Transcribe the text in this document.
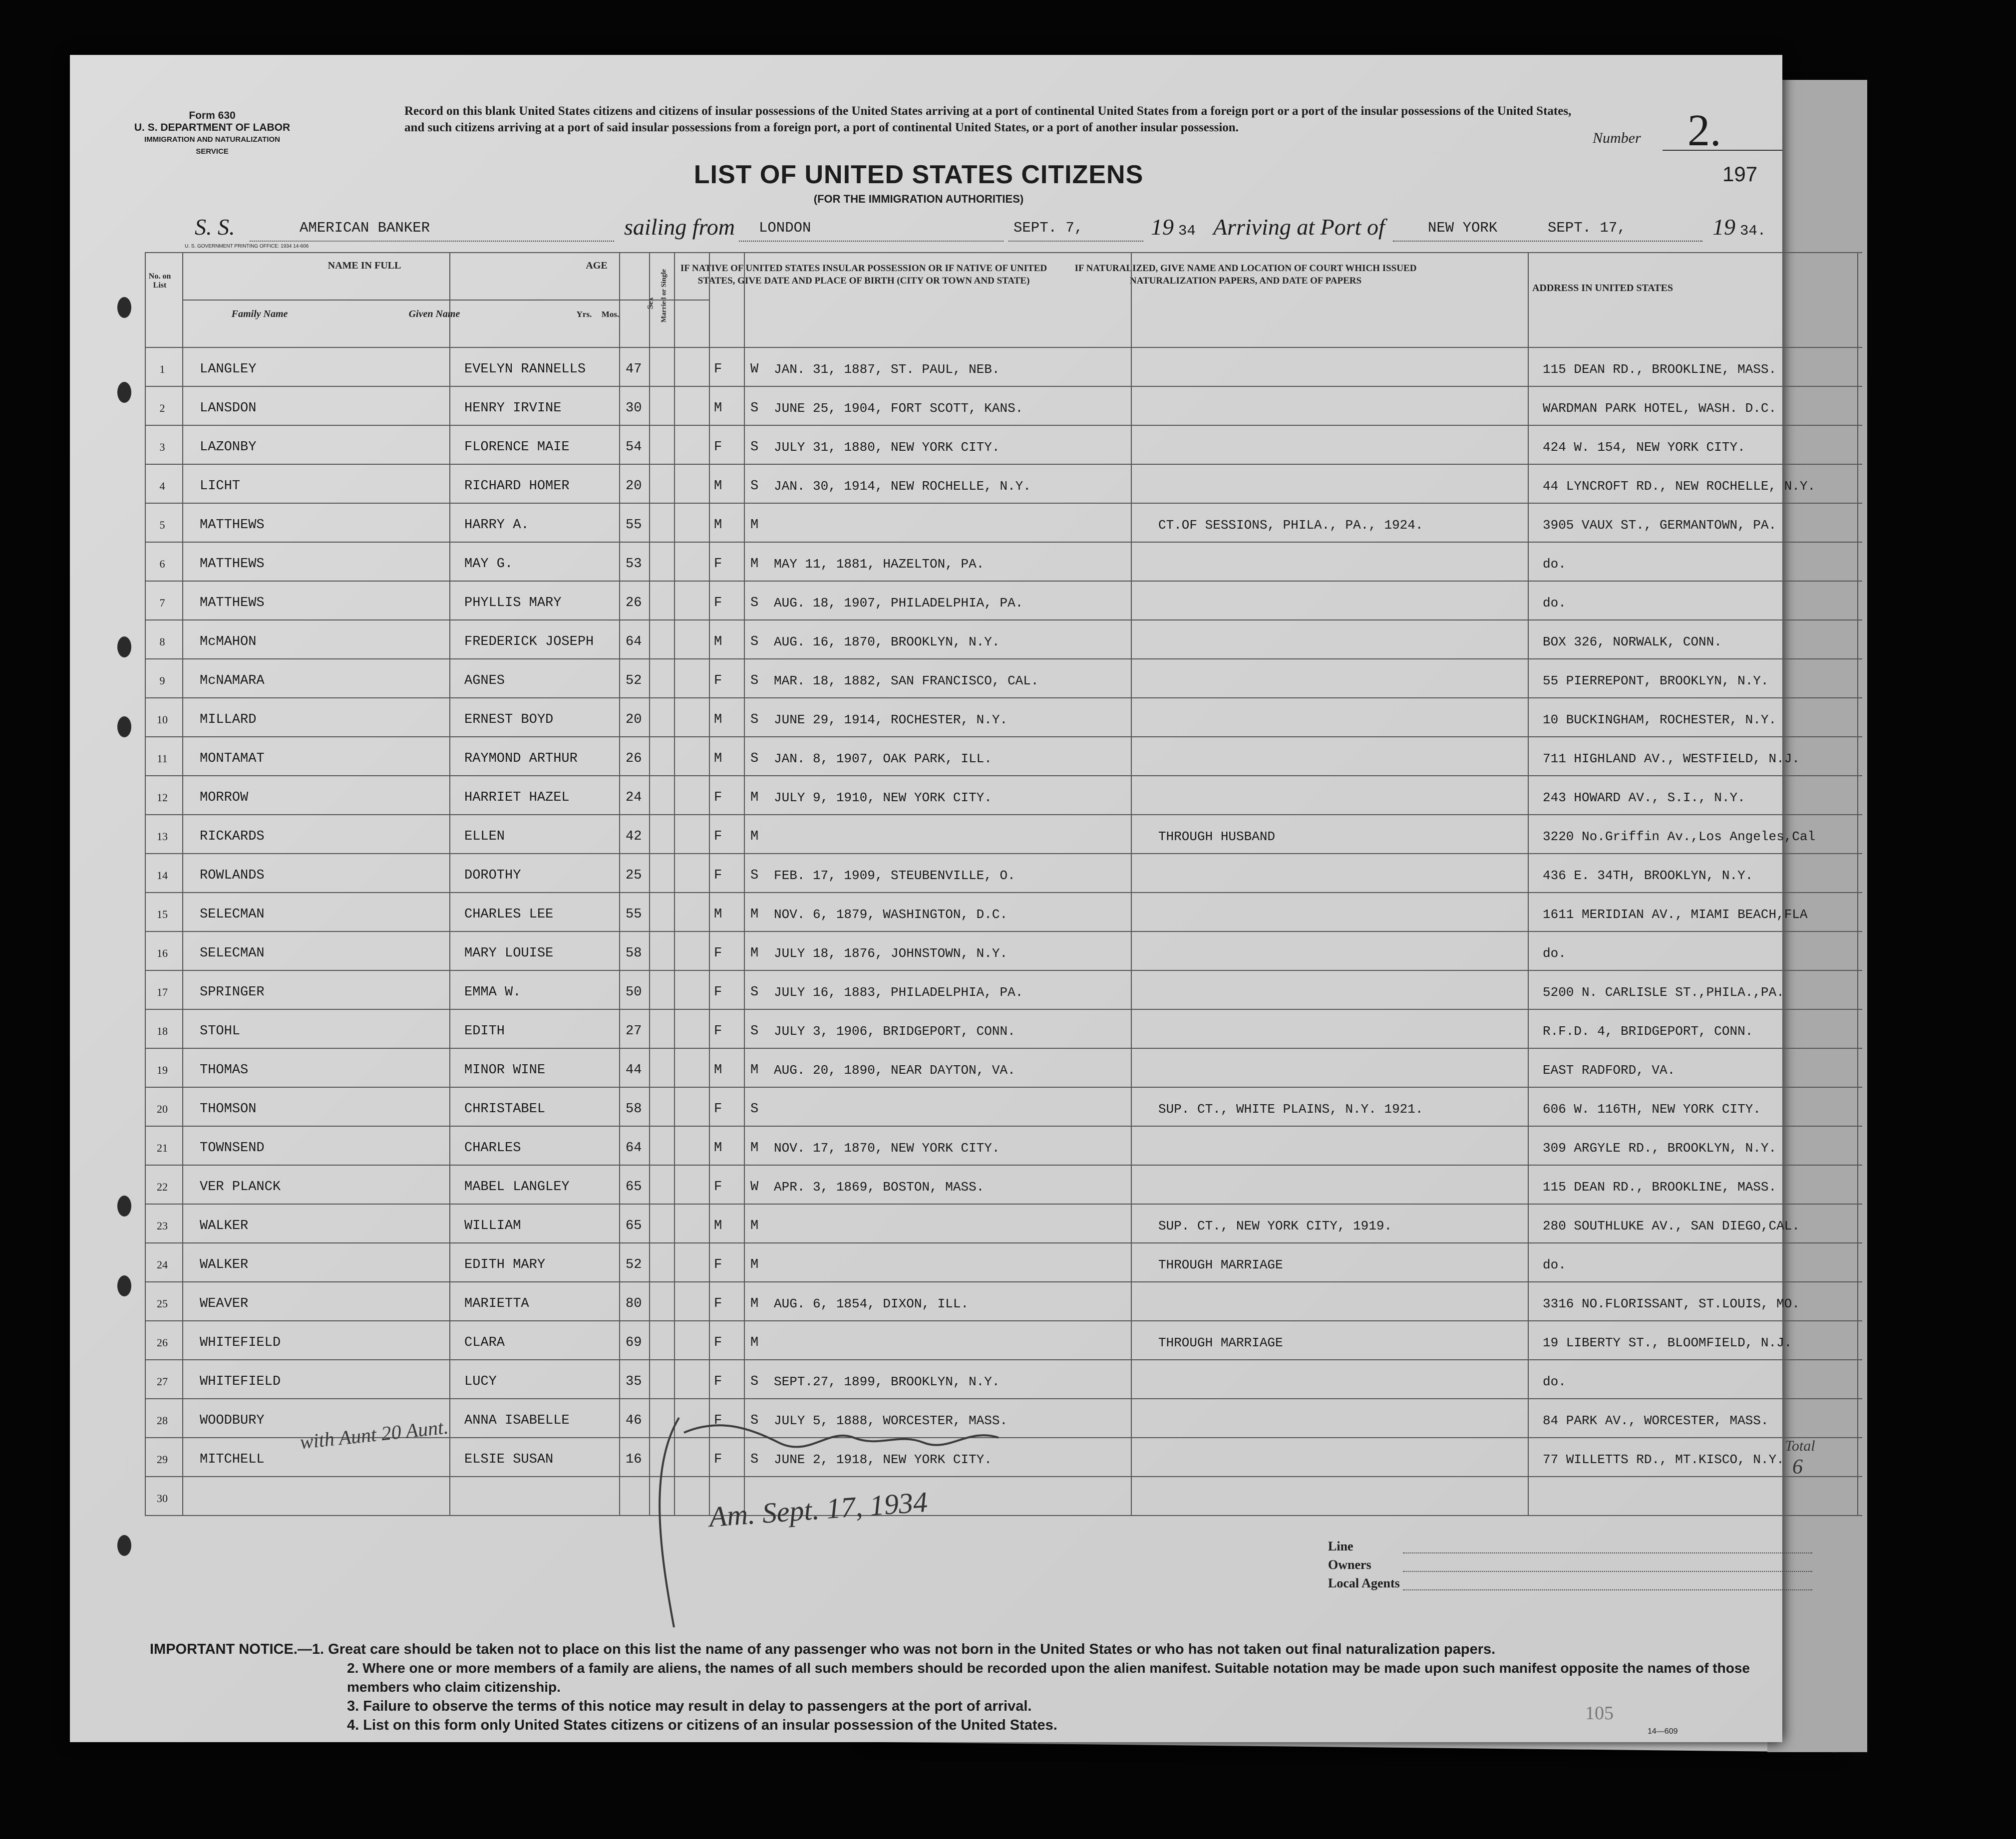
Form 630
U. S. DEPARTMENT OF LABOR
IMMIGRATION AND NATURALIZATION SERVICE
Record on this blank United States citizens and citizens of insular possessions of the United States arriving at a port of continental United States from a foreign port or a port of the insular possessions of the United States, and such citizens arriving at a port of said insular possessions from a foreign port, a port of continental United States, or a port of another insular possession.
Number 2.
197
LIST OF UNITED STATES CITIZENS
(FOR THE IMMIGRATION AUTHORITIES)
S. S.	AMERICAN BANKER	sailing from LONDON	SEPT. 7,	19 34 Arriving at Port of	NEW YORK	SEPT. 17,	19 34.
U. S. GOVERNMENT PRINTING OFFICE: 1934 14-606
No. on List
NAME IN FULL
Family Name	Given Name
AGE
Yrs.	Mos.
Sex Married or Single
IF NATIVE OF UNITED STATES INSULAR POSSESSION OR IF NATIVE OF UNITED STATES, GIVE DATE AND PLACE OF BIRTH (CITY OR TOWN AND STATE)
IF NATURALIZED, GIVE NAME AND LOCATION OF COURT WHICH ISSUED NATURALIZATION PAPERS, AND DATE OF PAPERS
ADDRESS IN UNITED STATES
1	LANGLEY	EVELYN RANNELLS	47	F W JAN. 31, 1887, ST. PAUL, NEB.	115 DEAN RD., BROOKLINE, MASS.
2	LANSDON	HENRY IRVINE	30	M S JUNE 25, 1904, FORT SCOTT, KANS.	WARDMAN PARK HOTEL, WASH. D.C.
3	LAZONBY	FLORENCE MAIE	54	F S JULY 31, 1880, NEW YORK CITY.	424 W. 154, NEW YORK CITY.
4	LICHT	RICHARD HOMER	20	M S JAN. 30, 1914, NEW ROCHELLE, N.Y.	44 LYNCROFT RD., NEW ROCHELLE, N.Y.
5	MATTHEWS	HARRY A.	55	M M	CT.OF SESSIONS, PHILA., PA., 1924.	3905 VAUX ST., GERMANTOWN, PA.
6	MATTHEWS	MAY G.	53	F M MAY 11, 1881, HAZELTON, PA.	do.
7	MATTHEWS	PHYLLIS MARY	26	F S AUG. 18, 1907, PHILADELPHIA, PA.	do.
8	McMAHON	FREDERICK JOSEPH 64	M S AUG. 16, 1870, BROOKLYN, N.Y.	BOX 326, NORWALK, CONN.
9	McNAMARA	AGNES	52	F S MAR. 18, 1882, SAN FRANCISCO, CAL.	55 PIERREPONT, BROOKLYN, N.Y.
10	MILLARD	ERNEST BOYD	20	M S JUNE 29, 1914, ROCHESTER, N.Y.	10 BUCKINGHAM, ROCHESTER, N.Y.
11	MONTAMAT	RAYMOND ARTHUR	26	M S JAN. 8, 1907, OAK PARK, ILL.	711 HIGHLAND AV., WESTFIELD, N.J.
12	MORROW	HARRIET HAZEL	24	F M JULY 9, 1910, NEW YORK CITY.	243 HOWARD AV., S.I., N.Y.
13	RICKARDS	ELLEN	42	F M	THROUGH HUSBAND	3220 No.Griffin Av.,Los Angeles,Cal
14	ROWLANDS	DOROTHY	25	F S FEB. 17, 1909, STEUBENVILLE, O.	436 E. 34TH, BROOKLYN, N.Y.
15	SELECMAN	CHARLES LEE	55	M M NOV. 6, 1879, WASHINGTON, D.C.	1611 MERIDIAN AV., MIAMI BEACH,FLA
16	SELECMAN	MARY LOUISE	58	F M JULY 18, 1876, JOHNSTOWN, N.Y.	do.
17	SPRINGER	EMMA W.	50	F S JULY 16, 1883, PHILADELPHIA, PA.	5200 N. CARLISLE ST.,PHILA.,PA.
18	STOHL	EDITH	27	F S JULY 3, 1906, BRIDGEPORT, CONN.	R.F.D. 4, BRIDGEPORT, CONN.
19	THOMAS	MINOR WINE	44	M M AUG. 20, 1890, NEAR DAYTON, VA.	EAST RADFORD, VA.
20	THOMSON	CHRISTABEL	58	F S	SUP. CT., WHITE PLAINS, N.Y. 1921.	606 W. 116TH, NEW YORK CITY.
21	TOWNSEND	CHARLES	64	M M NOV. 17, 1870, NEW YORK CITY.	309 ARGYLE RD., BROOKLYN, N.Y.
22	VER PLANCK	MABEL LANGLEY	65	F W APR. 3, 1869, BOSTON, MASS.	115 DEAN RD., BROOKLINE, MASS.
23	WALKER	WILLIAM	65	M M	SUP. CT., NEW YORK CITY, 1919.	280 SOUTHLUKE AV., SAN DIEGO,CAL.
24	WALKER	EDITH MARY	52	F M	THROUGH MARRIAGE	do.
25	WEAVER	MARIETTA	80	F M AUG. 6, 1854, DIXON, ILL.	3316 NO.FLORISSANT, ST.LOUIS, MO.
26	WHITEFIELD	CLARA	69	F M	THROUGH MARRIAGE	19 LIBERTY ST., BLOOMFIELD, N.J.
27	WHITEFIELD	LUCY	35	F S SEPT.27, 1899, BROOKLYN, N.Y.	do.
28	WOODBURY	ANNA ISABELLE	46	F S JULY 5, 1888, WORCESTER, MASS.	84 PARK AV., WORCESTER, MASS.
29	MITCHELL	ELSIE SUSAN	16	F S JUNE 2, 1918, NEW YORK CITY.	77 WILLETTS RD., MT.KISCO, N.Y.
30
Line
Owners
Local Agents
IMPORTANT NOTICE.—1. Great care should be taken not to place on this list the name of any passenger who was not born in the United States or who has not taken out final naturalization papers.
2. Where one or more members of a family are aliens, the names of all such members should be recorded upon the alien manifest. Suitable notation may be made upon such manifest opposite the names of those members who claim citizenship.
3. Failure to observe the terms of this notice may result in delay to passengers at the port of arrival.
4. List on this form only United States citizens or citizens of an insular possession of the United States.
105
14—609
with Aunt 20 Aunt.
Am. Sept. 17, 1934
Total
6
